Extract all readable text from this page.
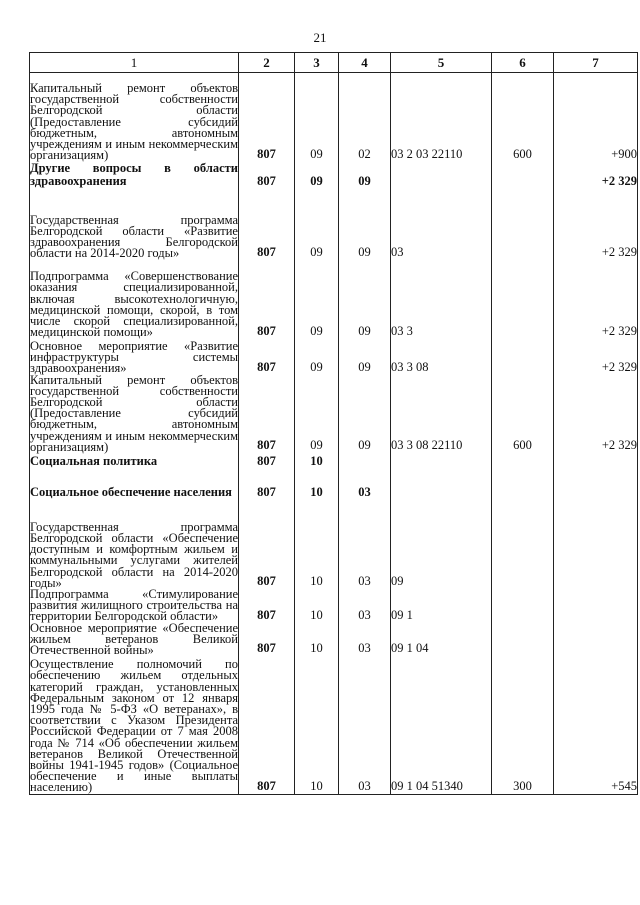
21
1	2	3	4	5	6	7
Капитальный ремонт объектов государственной собственности Белгородской области (Предоставление субсидий бюджетным, автономным учреждениям и иным некоммерческим организациям)	807	09	02	03 2 03 22110	600	+900
Другие вопросы в области здравоохранения	807	09	09			+2 329
Государственная программа Белгородской области «Развитие здравоохранения Белгородской области на 2014-2020 годы»	807	09	09	03		+2 329
Подпрограмма «Совершенствование оказания специализированной, включая высокотехнологичную, медицинской помощи, скорой, в том числе скорой специализированной, медицинской помощи»	807	09	09	03 3		+2 329
Основное мероприятие «Развитие инфраструктуры системы здравоохранения»	807	09	09	03 3 08		+2 329
Капитальный ремонт объектов государственной собственности Белгородской области (Предоставление субсидий бюджетным, автономным учреждениям и иным некоммерческим организациям)	807	09	09	03 3 08 22110	600	+2 329
Социальная политика	807	10				
Социальное обеспечение населения	807	10	03			
Государственная программа Белгородской области «Обеспечение доступным и комфортным жильем и коммунальными услугами жителей Белгородской области на 2014-2020 годы»	807	10	03	09		
Подпрограмма «Стимулирование развития жилищного строительства на территории Белгородской области»	807	10	03	09 1		
Основное мероприятие «Обеспечение жильем ветеранов Великой Отечественной войны»	807	10	03	09 1 04		
Осуществление полномочий по обеспечению жильем отдельных категорий граждан, установленных Федеральным законом от 12 января 1995 года № 5-ФЗ «О ветеранах», в соответствии с Указом Президента Российской Федерации от 7 мая 2008 года № 714 «Об обеспечении жильем ветеранов Великой Отечественной войны 1941-1945 годов» (Социальное обеспечение и иные выплаты населению)	807	10	03	09 1 04 51340	300	+545
